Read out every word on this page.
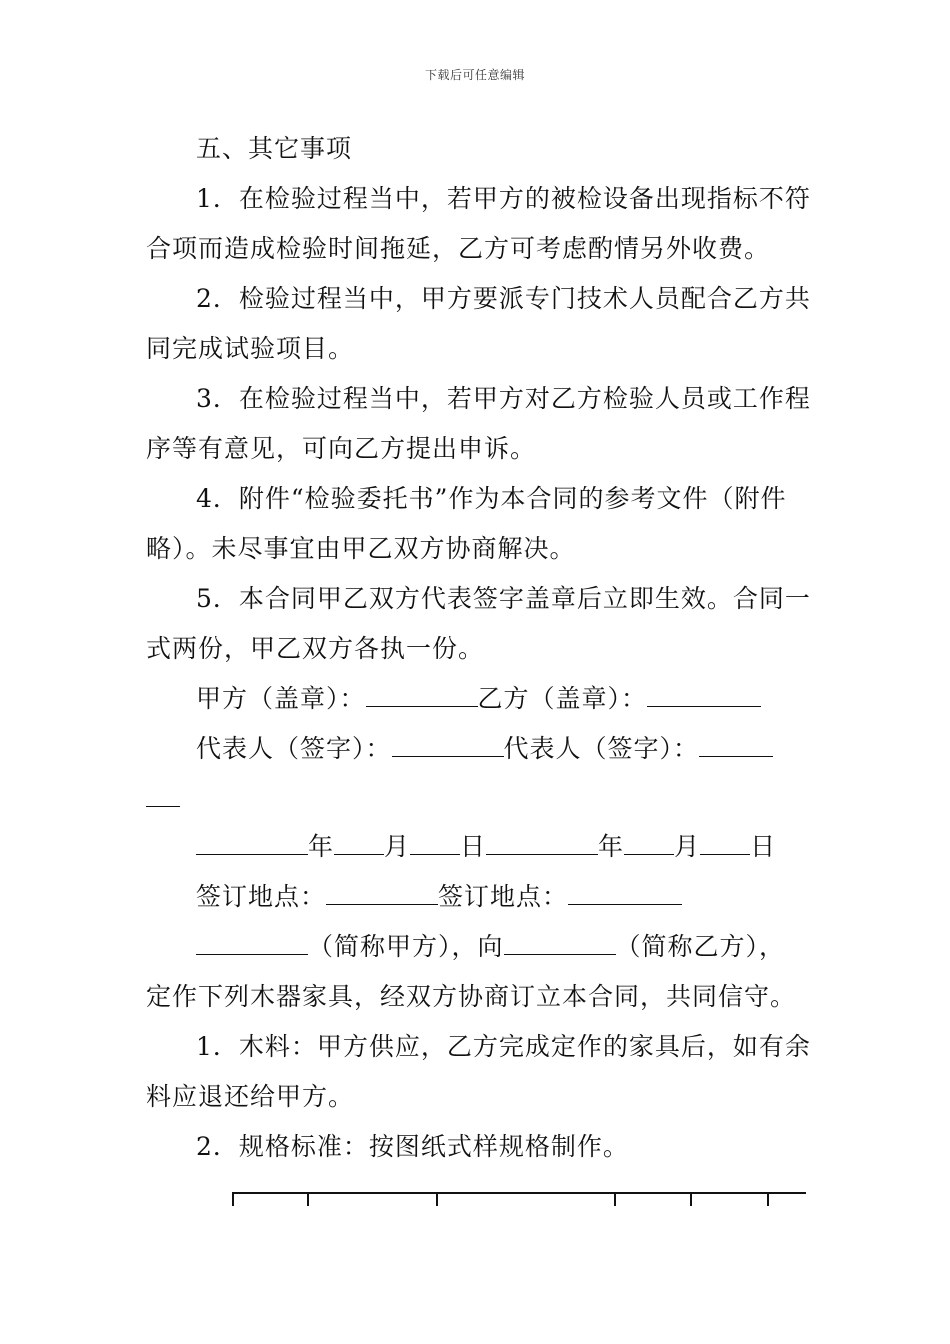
下载后可任意编辑
五、其它事项
1．在检验过程当中，若甲方的被检设备出现指标不符
合项而造成检验时间拖延，乙方可考虑酌情另外收费。
2．检验过程当中，甲方要派专门技术人员配合乙方共
同完成试验项目。
3．在检验过程当中，若甲方对乙方检验人员或工作程
序等有意见，可向乙方提出申诉。
4．附件“检验委托书”作为本合同的参考文件（附件
略）。未尽事宜由甲乙双方协商解决。
5．本合同甲乙双方代表签字盖章后立即生效。合同一
式两份，甲乙双方各执一份。
甲方（盖章）：	乙方（盖章）：
代表人（签字）：	代表人（签字）：
年 月 日	年 月 日
签订地点：	签订地点：
（简称甲方），向	（简称乙方），
定作下列木器家具，经双方协商订立本合同，共同信守。
1．木料：甲方供应，乙方完成定作的家具后，如有余
料应退还给甲方。
2．规格标准：按图纸式样规格制作。
